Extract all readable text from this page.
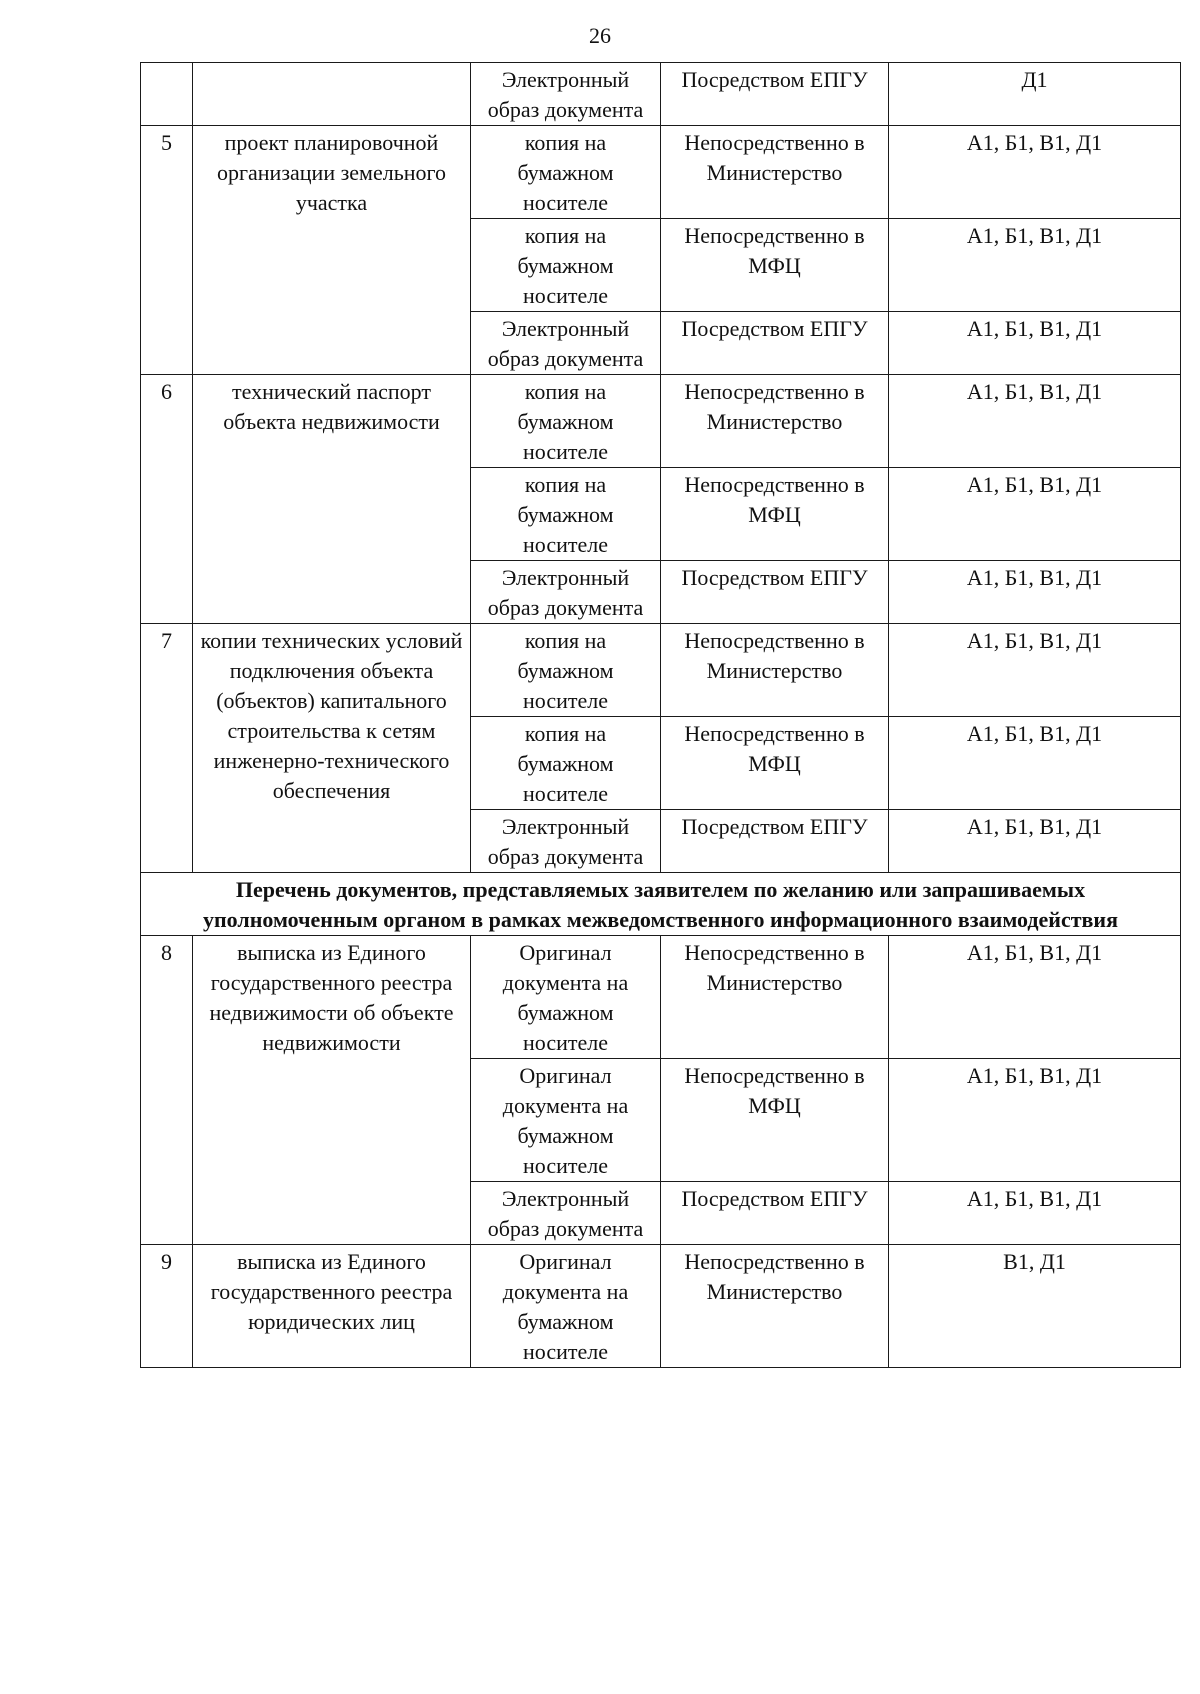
26
		Электронный образ документа	Посредством ЕПГУ	Д1
5	проект планировочной организации земельного участка	копия на бумажном носителе	Непосредственно в Министерство	А1, Б1, В1, Д1
		копия на бумажном носителе	Непосредственно в МФЦ	А1, Б1, В1, Д1
		Электронный образ документа	Посредством ЕПГУ	А1, Б1, В1, Д1
6	технический паспорт объекта недвижимости	копия на бумажном носителе	Непосредственно в Министерство	А1, Б1, В1, Д1
		копия на бумажном носителе	Непосредственно в МФЦ	А1, Б1, В1, Д1
		Электронный образ документа	Посредством ЕПГУ	А1, Б1, В1, Д1
7	копии технических условий подключения объекта (объектов) капитального строительства к сетям инженерно-технического обеспечения	копия на бумажном носителе	Непосредственно в Министерство	А1, Б1, В1, Д1
		копия на бумажном носителе	Непосредственно в МФЦ	А1, Б1, В1, Д1
		Электронный образ документа	Посредством ЕПГУ	А1, Б1, В1, Д1
Перечень документов, представляемых заявителем по желанию или запрашиваемых уполномоченным органом в рамках межведомственного информационного взаимодействия				
8	выписка из Единого государственного реестра недвижимости об объекте недвижимости	Оригинал документа на бумажном носителе	Непосредственно в Министерство	А1, Б1, В1, Д1
		Оригинал документа на бумажном носителе	Непосредственно в МФЦ	А1, Б1, В1, Д1
		Электронный образ документа	Посредством ЕПГУ	А1, Б1, В1, Д1
9	выписка из Единого государственного реестра юридических лиц	Оригинал документа на бумажном носителе	Непосредственно в Министерство	В1, Д1
